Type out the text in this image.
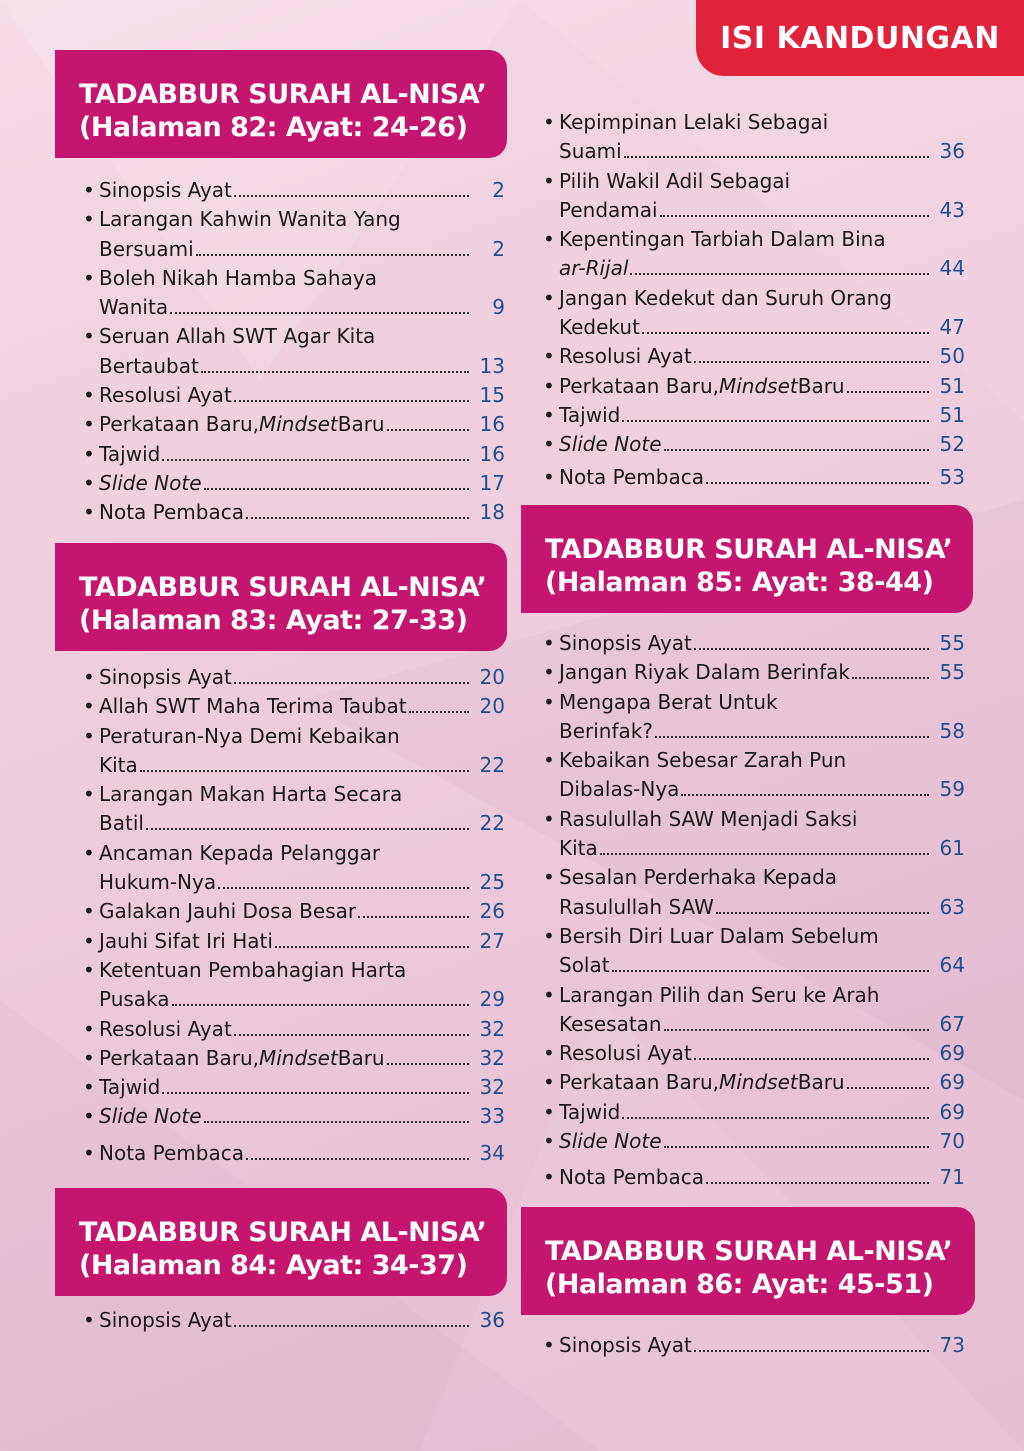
ISI KANDUNGAN
TADABBUR SURAH AL-NISA’
(Halaman 82: Ayat: 24-26)
• Sinopsis Ayat	2
• Larangan Kahwin Wanita Yang
Bersuami	2
• Boleh Nikah Hamba Sahaya
Wanita	9
• Seruan Allah SWT Agar Kita
Bertaubat	13
• Resolusi Ayat	15
• Perkataan Baru, Mindset Baru	16
• Tajwid	16
• Slide Note	17
• Nota Pembaca	18
TADABBUR SURAH AL-NISA’
(Halaman 83: Ayat: 27-33)
• Sinopsis Ayat	20
• Allah SWT Maha Terima Taubat	20
• Peraturan-Nya Demi Kebaikan
Kita	22
• Larangan Makan Harta Secara
Batil	22
• Ancaman Kepada Pelanggar
Hukum-Nya	25
• Galakan Jauhi Dosa Besar	26
• Jauhi Sifat Iri Hati	27
• Ketentuan Pembahagian Harta
Pusaka	29
• Resolusi Ayat	32
• Perkataan Baru, Mindset Baru	32
• Tajwid	32
• Slide Note	33
• Nota Pembaca	34
TADABBUR SURAH AL-NISA’
(Halaman 84: Ayat: 34-37)
• Sinopsis Ayat	36
• Kepimpinan Lelaki Sebagai
Suami	36
• Pilih Wakil Adil Sebagai
Pendamai	43
• Kepentingan Tarbiah Dalam Bina
ar-Rijal	44
• Jangan Kedekut dan Suruh Orang
Kedekut	47
• Resolusi Ayat	50
• Perkataan Baru, Mindset Baru	51
• Tajwid	51
• Slide Note	52
• Nota Pembaca	53
TADABBUR SURAH AL-NISA’
(Halaman 85: Ayat: 38-44)
• Sinopsis Ayat	55
• Jangan Riyak Dalam Berinfak	55
• Mengapa Berat Untuk
Berinfak?	58
• Kebaikan Sebesar Zarah Pun
Dibalas-Nya	59
• Rasulullah SAW Menjadi Saksi
Kita	61
• Sesalan Perderhaka Kepada
Rasulullah SAW	63
• Bersih Diri Luar Dalam Sebelum
Solat	64
• Larangan Pilih dan Seru ke Arah
Kesesatan	67
• Resolusi Ayat	69
• Perkataan Baru, Mindset Baru	69
• Tajwid	69
• Slide Note	70
• Nota Pembaca	71
TADABBUR SURAH AL-NISA’
(Halaman 86: Ayat: 45-51)
• Sinopsis Ayat	73
